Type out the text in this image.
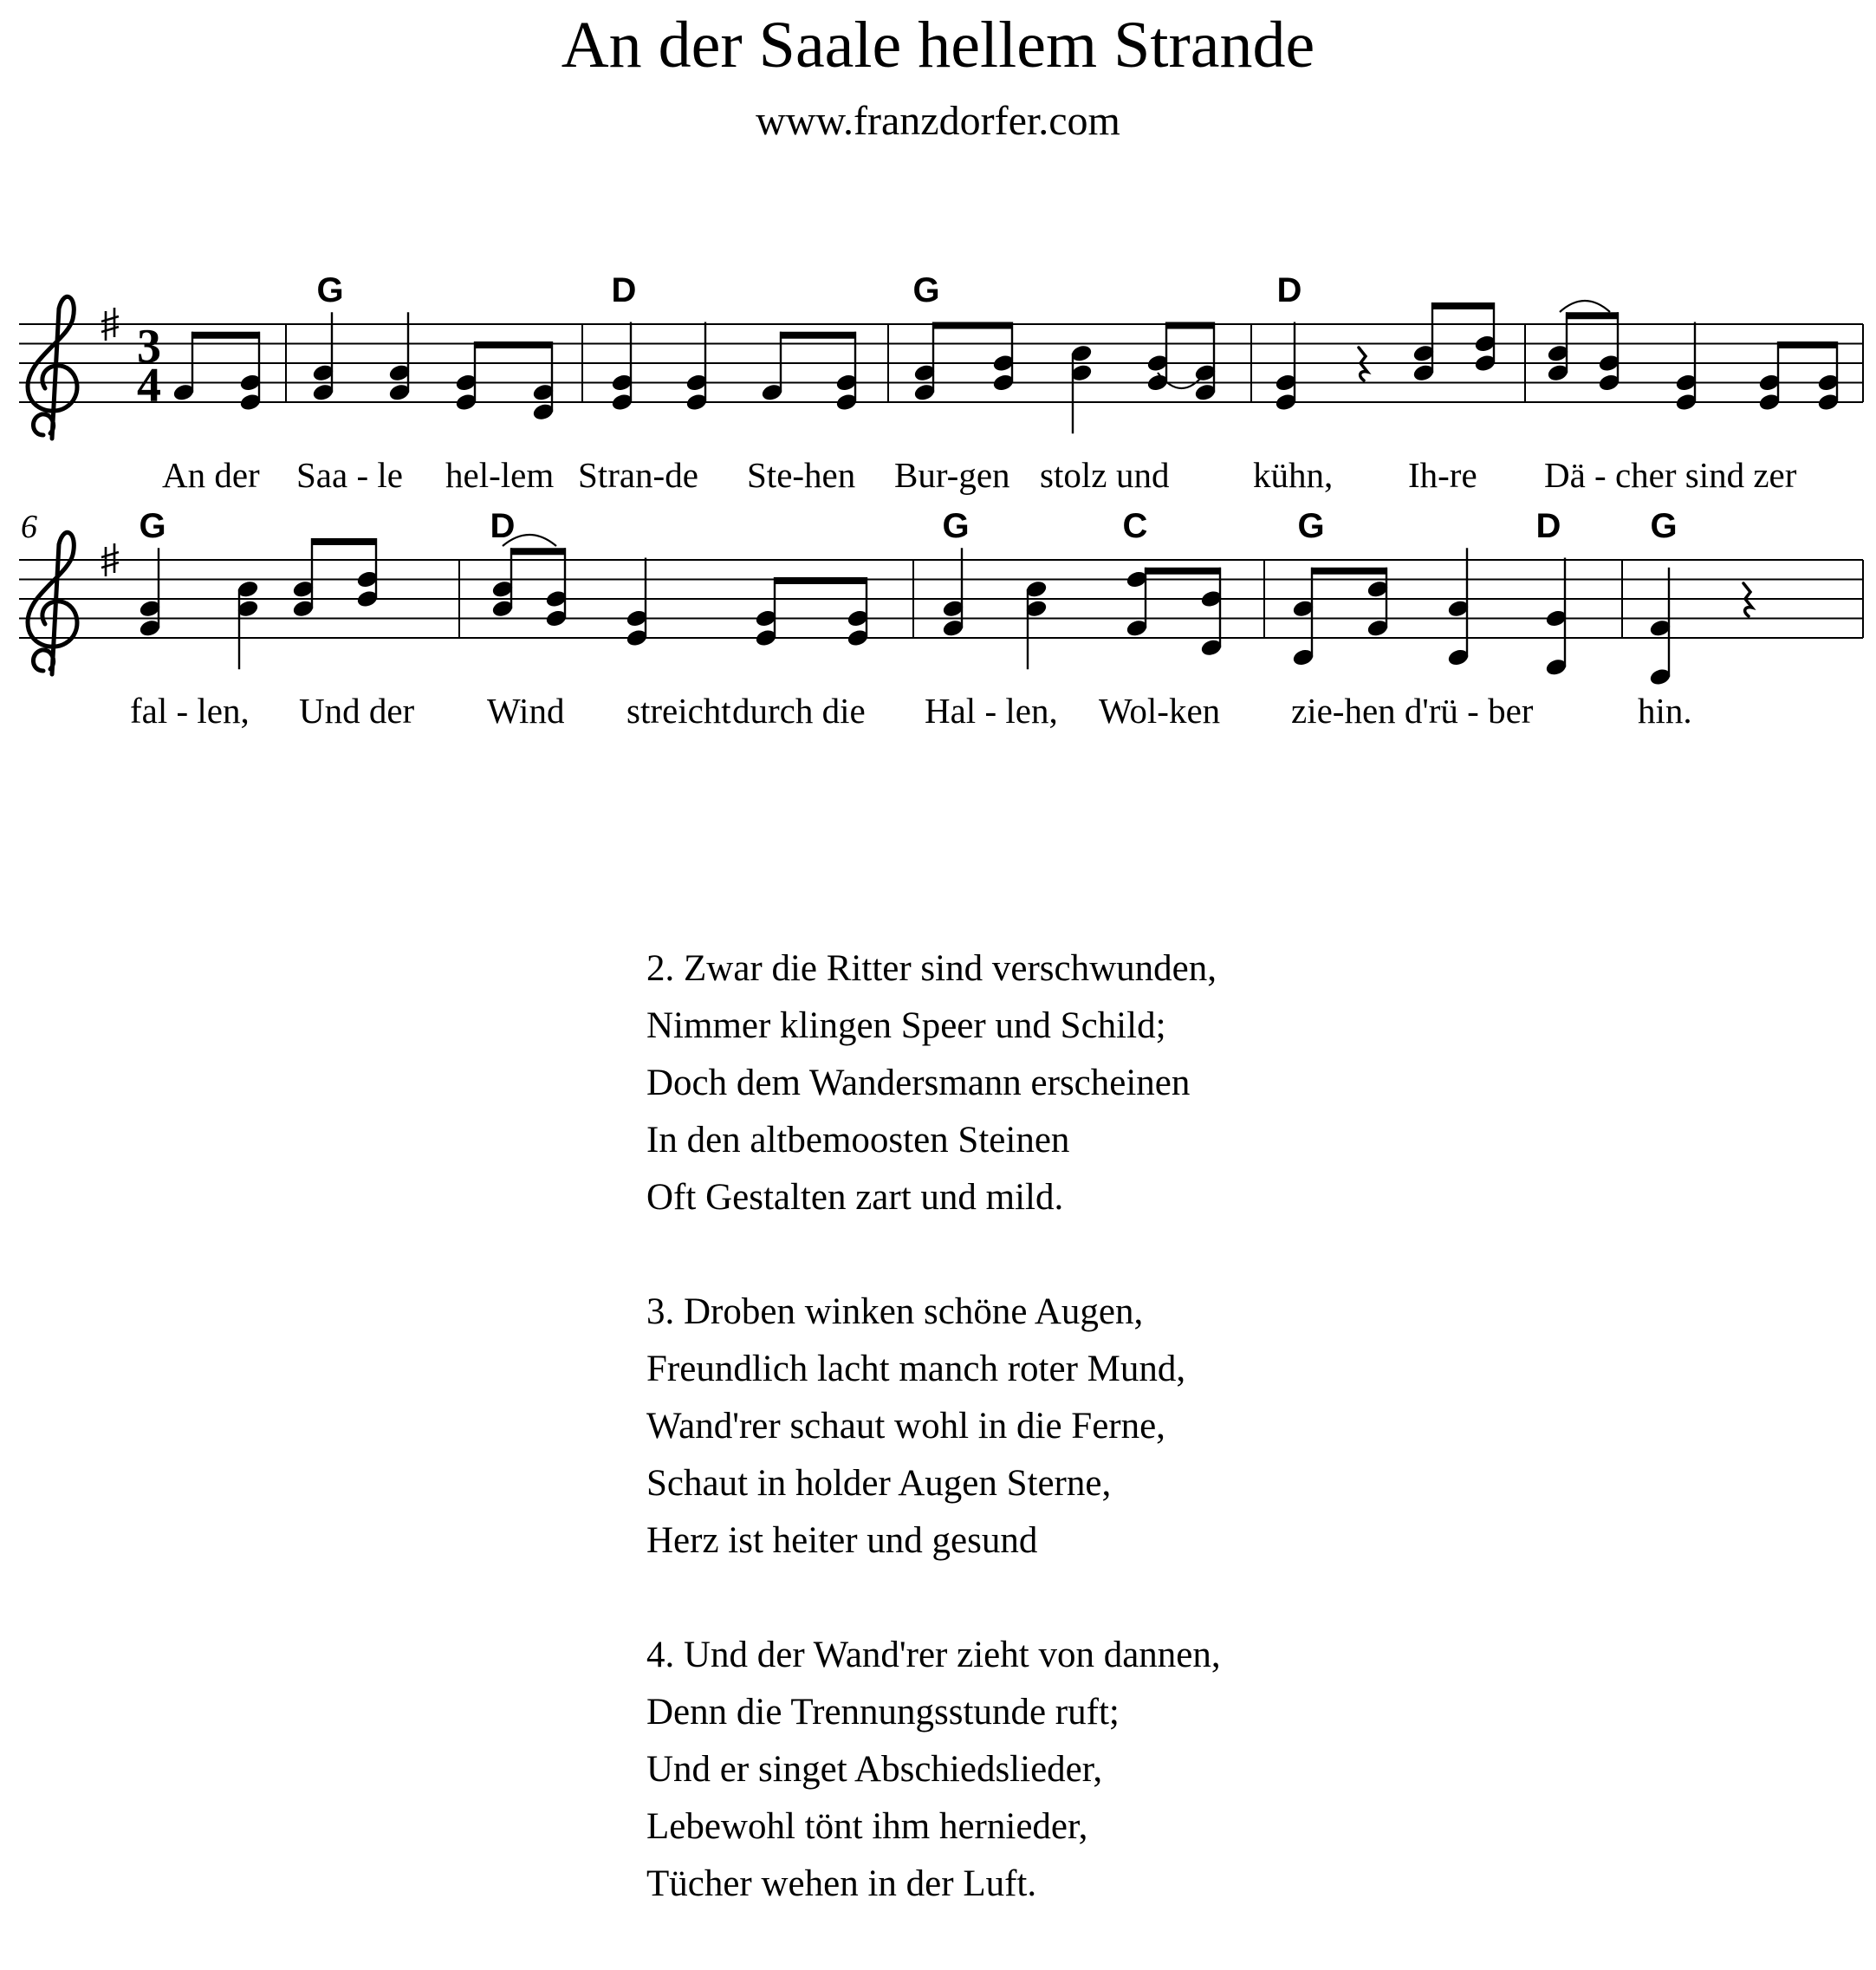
An der Saale hellem Strande
www.franzdorfer.com
3
4
G	D	G	D
An der Saa - le hel-lem Stran-de Ste-hen Bur-gen stolz und kühn, Ih-re Dä - cher sind zer
6	G	D	G	C	G	D	G
fal - len, Und der Wind streicht durch die Hal - len, Wol-ken zie-hen d'rü - ber	hin.
2. Zwar die Ritter sind verschwunden,
Nimmer klingen Speer und Schild;
Doch dem Wandersmann erscheinen
In den altbemoosten Steinen
Oft Gestalten zart und mild.
3. Droben winken schöne Augen,
Freundlich lacht manch roter Mund,
Wand'rer schaut wohl in die Ferne,
Schaut in holder Augen Sterne,
Herz ist heiter und gesund
4. Und der Wand'rer zieht von dannen,
Denn die Trennungsstunde ruft;
Und er singet Abschiedslieder,
Lebewohl tönt ihm hernieder,
Tücher wehen in der Luft.
